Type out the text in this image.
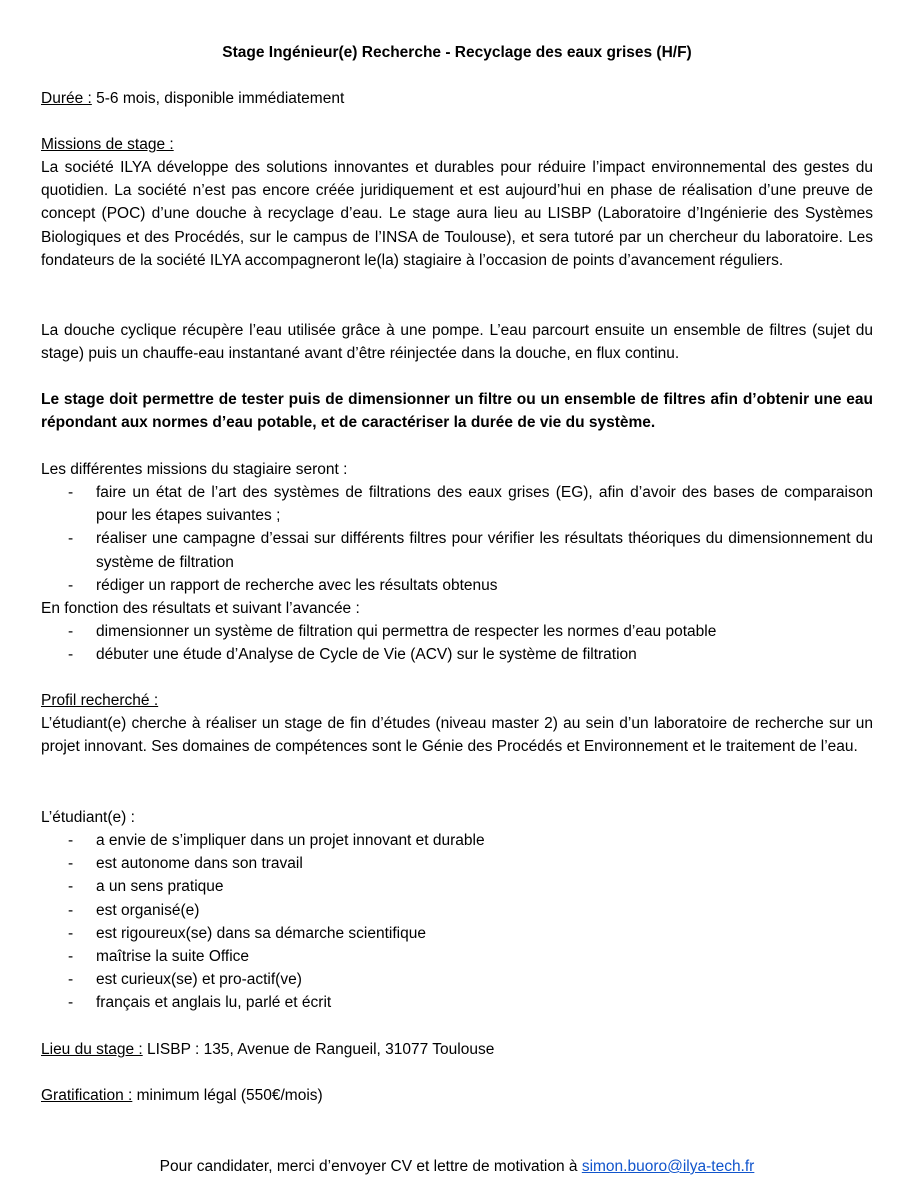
Stage Ingénieur(e) Recherche - Recyclage des eaux grises (H/F)

Durée : 5-6 mois, disponible immédiatement

Missions de stage :

La société ILYA développe des solutions innovantes et durables pour réduire l’impact environnemental des gestes du quotidien. La société n’est pas encore créée juridiquement et est aujourd’hui en phase de réalisation d’une preuve de concept (POC) d’une douche à recyclage d’eau. Le stage aura lieu au LISBP (Laboratoire d’Ingénierie des Systèmes Biologiques et des Procédés, sur le campus de l’INSA de Toulouse), et sera tutoré par un chercheur du laboratoire. Les fondateurs de la société ILYA accompagneront le(la) stagiaire à l’occasion de points d’avancement réguliers.

La douche cyclique récupère l’eau utilisée grâce à une pompe. L’eau parcourt ensuite un ensemble de filtres (sujet du stage) puis un chauffe-eau instantané avant d’être réinjectée dans la douche, en flux continu.

Le stage doit permettre de tester puis de dimensionner un filtre ou un ensemble de filtres afin d’obtenir une eau répondant aux normes d’eau potable, et de caractériser la durée de vie du système.

Les différentes missions du stagiaire seront :

- faire un état de l’art des systèmes de filtrations des eaux grises (EG), afin d’avoir des bases de comparaison pour les étapes suivantes ;
- réaliser une campagne d’essai sur différents filtres pour vérifier les résultats théoriques du dimensionnement du système de filtration
- rédiger un rapport de recherche avec les résultats obtenus

En fonction des résultats et suivant l’avancée :

- dimensionner un système de filtration qui permettra de respecter les normes d’eau potable
- débuter une étude d’Analyse de Cycle de Vie (ACV) sur le système de filtration

Profil recherché :

L’étudiant(e) cherche à réaliser un stage de fin d’études (niveau master 2) au sein d’un laboratoire de recherche sur un projet innovant. Ses domaines de compétences sont le Génie des Procédés et Environnement et le traitement de l’eau.

L’étudiant(e) :

- a envie de s’impliquer dans un projet innovant et durable
- est autonome dans son travail
- a un sens pratique
- est organisé(e)
- est rigoureux(se) dans sa démarche scientifique
- maîtrise la suite Office
- est curieux(se) et pro-actif(ve)
- français et anglais lu, parlé et écrit

Lieu du stage : LISBP : 135, Avenue de Rangueil, 31077 Toulouse

Gratification : minimum légal (550€/mois)

Pour candidater, merci d’envoyer CV et lettre de motivation à simon.buoro@ilya-tech.fr
